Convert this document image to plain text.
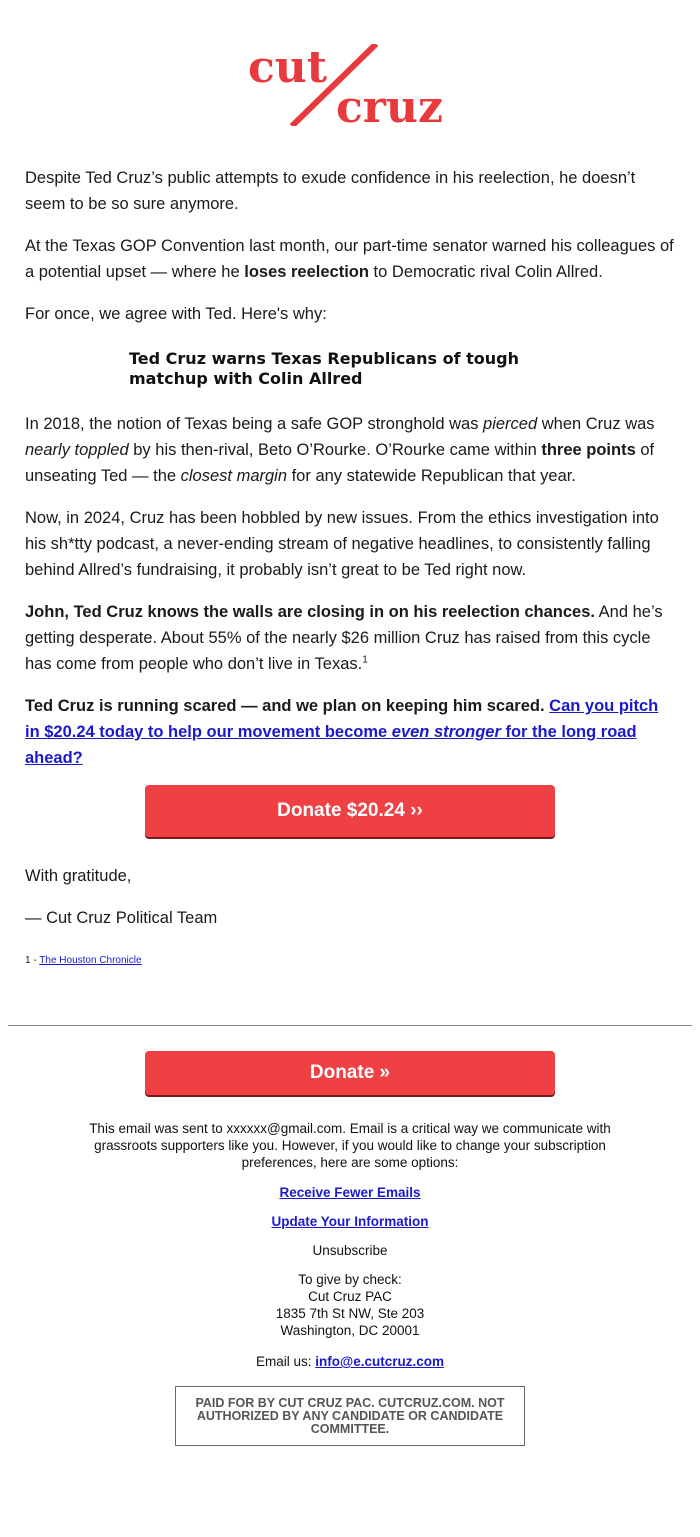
cut
cruz

Despite Ted Cruz’s public attempts to exude confidence in his reelection, he doesn’t seem to be so sure anymore.

At the Texas GOP Convention last month, our part-time senator warned his colleagues of a potential upset — where he loses reelection to Democratic rival Colin Allred.

For once, we agree with Ted. Here's why:

Ted Cruz warns Texas Republicans of tough matchup with Colin Allred

In 2018, the notion of Texas being a safe GOP stronghold was pierced when Cruz was nearly toppled by his then-rival, Beto O’Rourke. O’Rourke came within three points of unseating Ted — the closest margin for any statewide Republican that year.

Now, in 2024, Cruz has been hobbled by new issues. From the ethics investigation into his sh*tty podcast, a never-ending stream of negative headlines, to consistently falling behind Allred’s fundraising, it probably isn’t great to be Ted right now.

John, Ted Cruz knows the walls are closing in on his reelection chances. And he’s getting desperate. About 55% of the nearly $26 million Cruz has raised from this cycle has come from people who don’t live in Texas.$^1$

Ted Cruz is running scared — and we plan on keeping him scared. Can you pitch in $20.24 today to help our movement become even stronger for the long road ahead?

Donate $20.24 ››
With gratitude,
— Cut Cruz Political Team
1 - The Houston Chronicle
Donate »

This email was sent to xxxxxx@gmail.com. Email is a critical way we communicate with grassroots supporters like you. However, if you would like to change your subscription preferences, here are some options:

Receive Fewer Emails

Update Your Information

Unsubscribe

To give by check:
Cut Cruz PAC
1835 7th St NW, Ste 203
Washington, DC 20001

Email us: info@e.cutcruz.com

PAID FOR BY CUT CRUZ PAC. CUTCRUZ.COM. NOT AUTHORIZED BY ANY CANDIDATE OR CANDIDATE COMMITTEE.
